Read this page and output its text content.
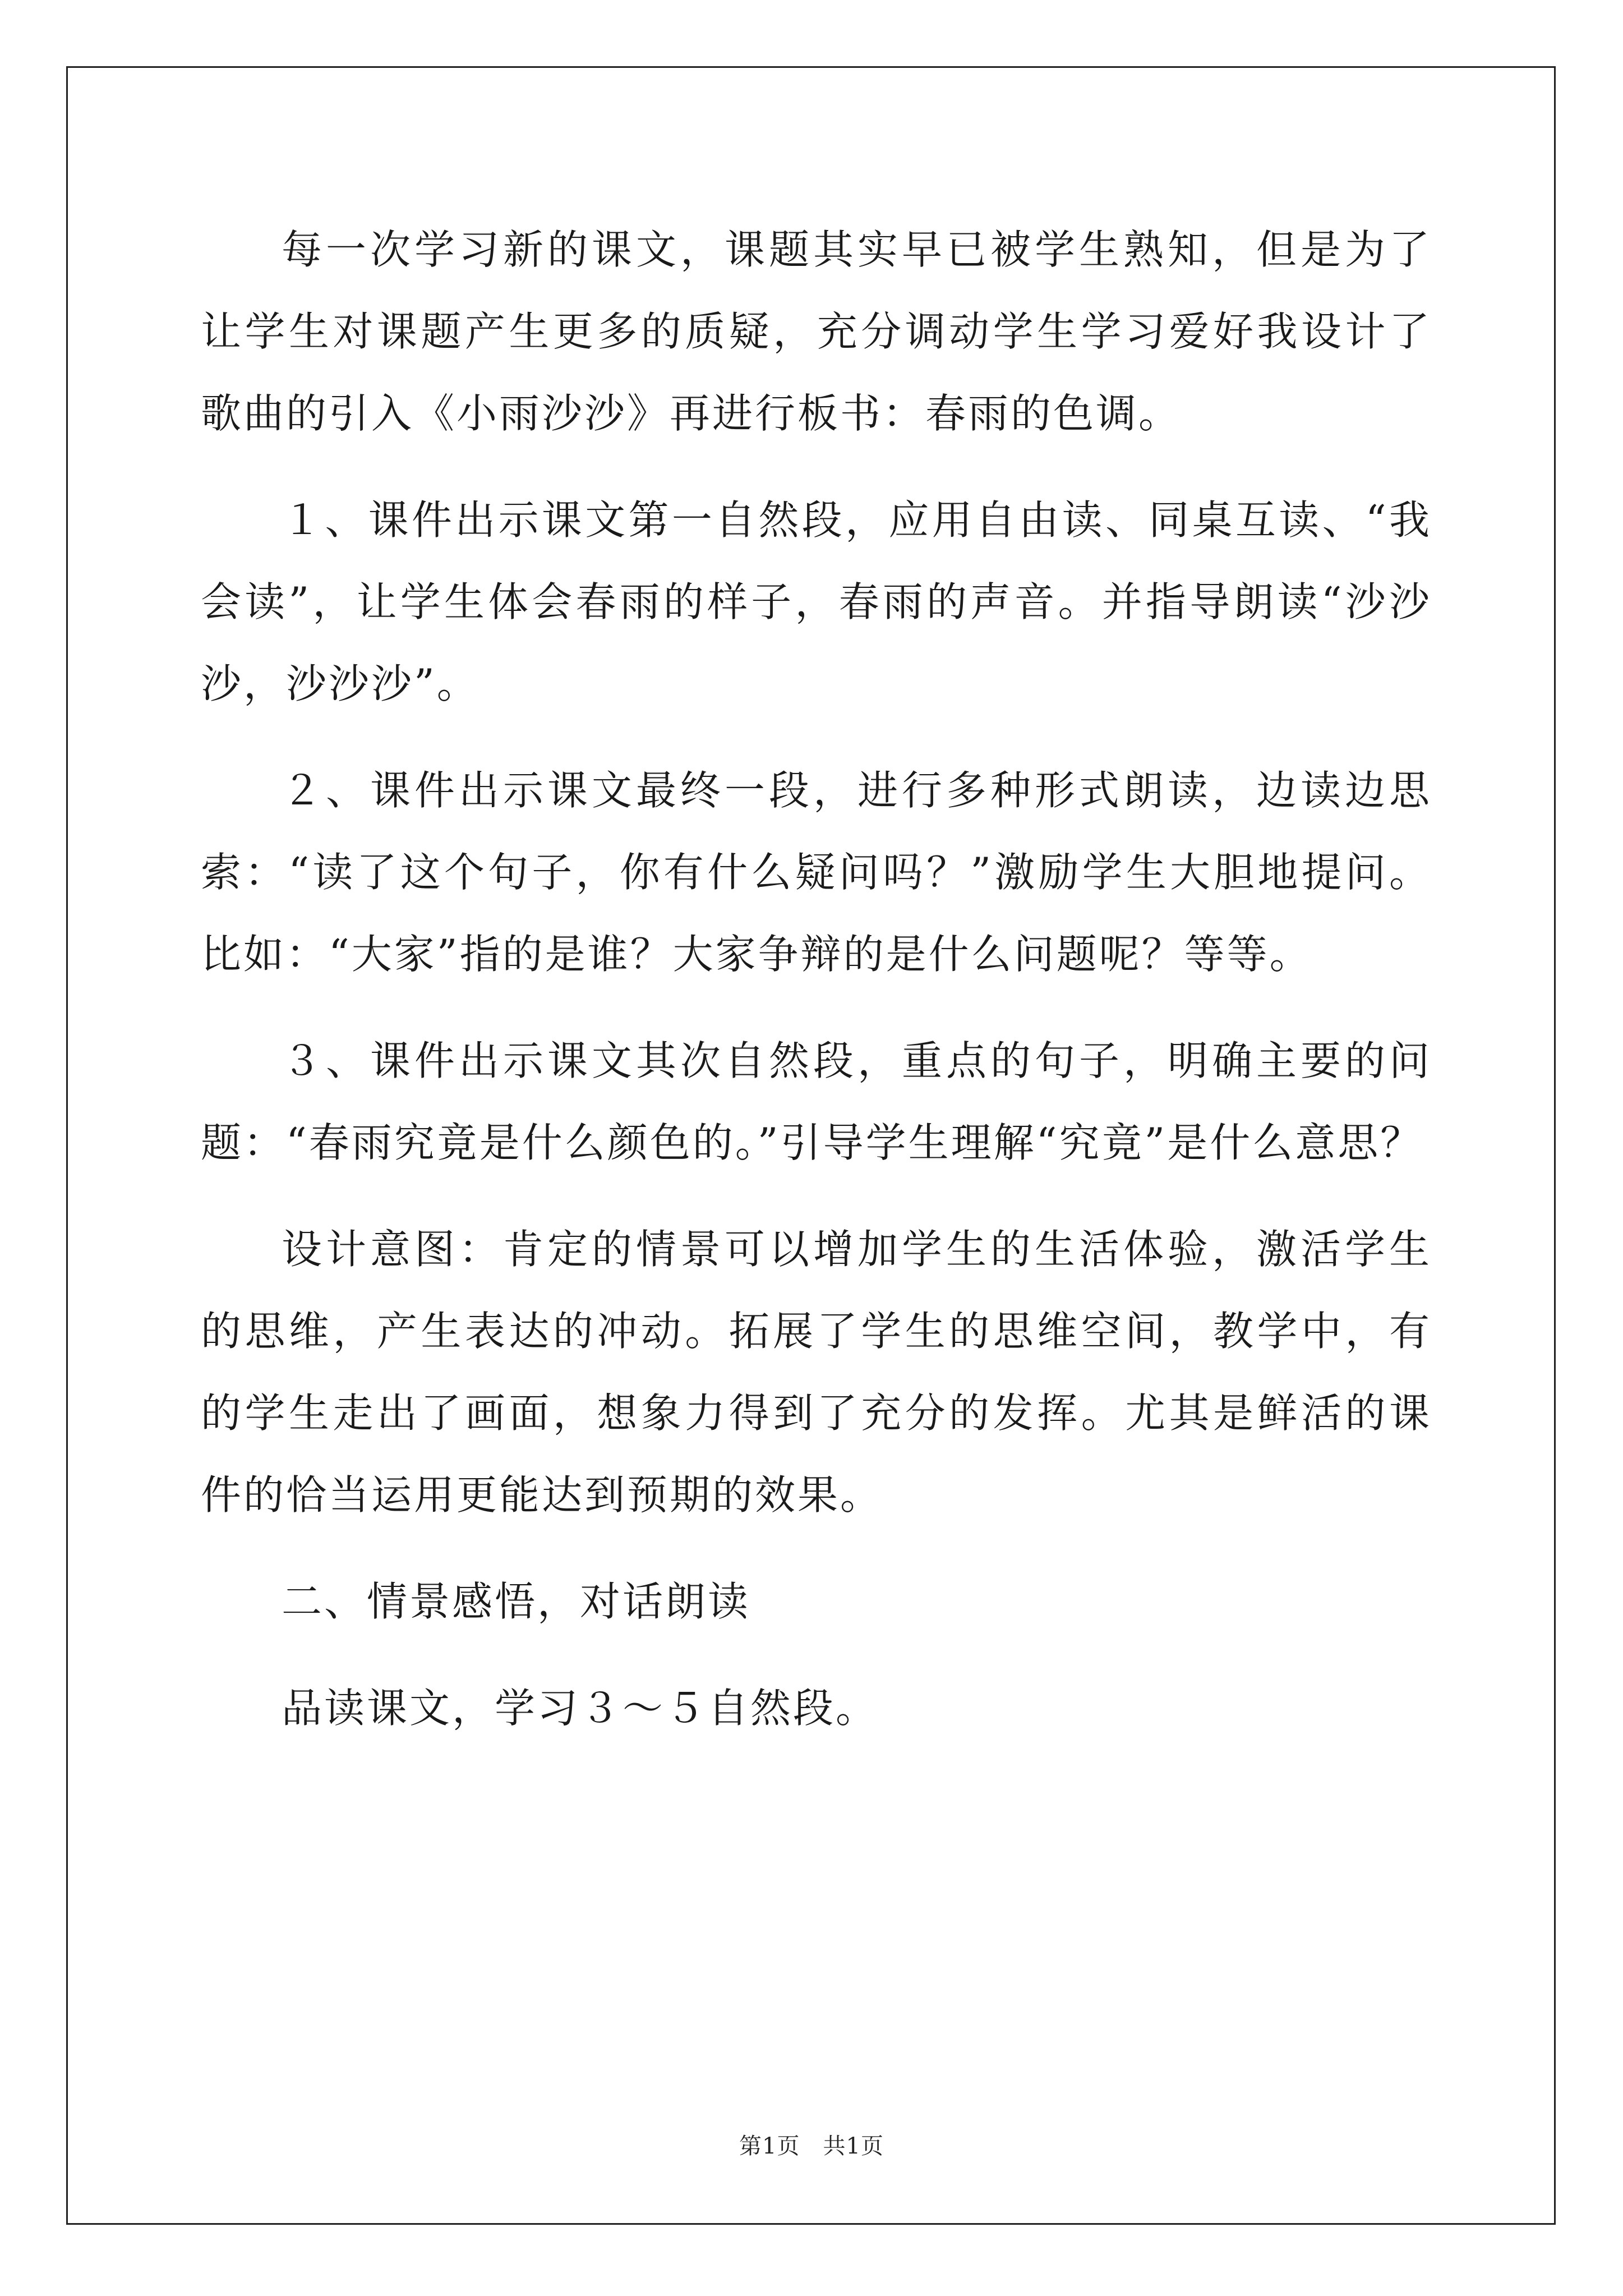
每一次学习新的课文，课题其实早已被学生熟知，但是为了让学生对课题产生更多的质疑，充分调动学生学习爱好我设计了歌曲的引入《小雨沙沙》再进行板书：春雨的色调。

１、课件出示课文第一自然段，应用自由读、同桌互读、“我会读”，让学生体会春雨的样子，春雨的声音。并指导朗读“沙沙沙，沙沙沙”。

２、课件出示课文最终一段，进行多种形式朗读，边读边思索：“读了这个句子，你有什么疑问吗？”激励学生大胆地提问。比如：“大家”指的是谁？大家争辩的是什么问题呢？等等。

３、课件出示课文其次自然段，重点的句子，明确主要的问题：“春雨究竟是什么颜色的。”引导学生理解“究竟”是什么意思？

设计意图：肯定的情景可以增加学生的生活体验，激活学生的思维，产生表达的冲动。拓展了学生的思维空间，教学中，有的学生走出了画面，想象力得到了充分的发挥。尤其是鲜活的课件的恰当运用更能达到预期的效果。

二、情景感悟，对话朗读

品读课文，学习３～５自然段。

第1页　共1页
